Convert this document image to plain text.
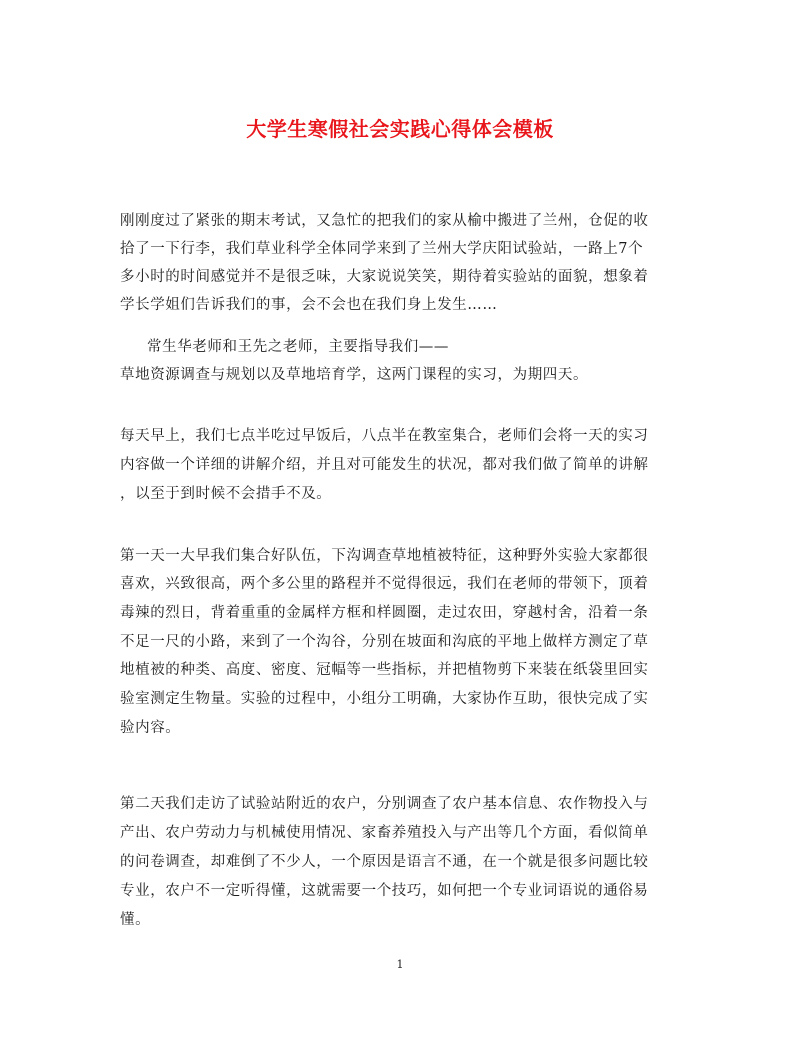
大学生寒假社会实践心得体会模板
刚刚度过了紧张的期末考试，又急忙的把我们的家从榆中搬进了兰州，仓促的收
拾了一下行李，我们草业科学全体同学来到了兰州大学庆阳试验站，一路上7个
多小时的时间感觉并不是很乏味，大家说说笑笑，期待着实验站的面貌，想象着
学长学姐们告诉我们的事，会不会也在我们身上发生……
常生华老师和王先之老师，主要指导我们——
草地资源调查与规划以及草地培育学，这两门课程的实习，为期四天。
每天早上，我们七点半吃过早饭后，八点半在教室集合，老师们会将一天的实习
内容做一个详细的讲解介绍，并且对可能发生的状况，都对我们做了简单的讲解
，以至于到时候不会措手不及。
第一天一大早我们集合好队伍，下沟调查草地植被特征，这种野外实验大家都很
喜欢，兴致很高，两个多公里的路程并不觉得很远，我们在老师的带领下，顶着
毒辣的烈日，背着重重的金属样方框和样圆圈，走过农田，穿越村舍，沿着一条
不足一尺的小路，来到了一个沟谷，分别在坡面和沟底的平地上做样方测定了草
地植被的种类、高度、密度、冠幅等一些指标，并把植物剪下来装在纸袋里回实
验室测定生物量。实验的过程中，小组分工明确，大家协作互助，很快完成了实
验内容。
第二天我们走访了试验站附近的农户，分别调查了农户基本信息、农作物投入与
产出、农户劳动力与机械使用情况、家畜养殖投入与产出等几个方面，看似简单
的问卷调查，却难倒了不少人，一个原因是语言不通，在一个就是很多问题比较
专业，农户不一定听得懂，这就需要一个技巧，如何把一个专业词语说的通俗易
懂。
1
